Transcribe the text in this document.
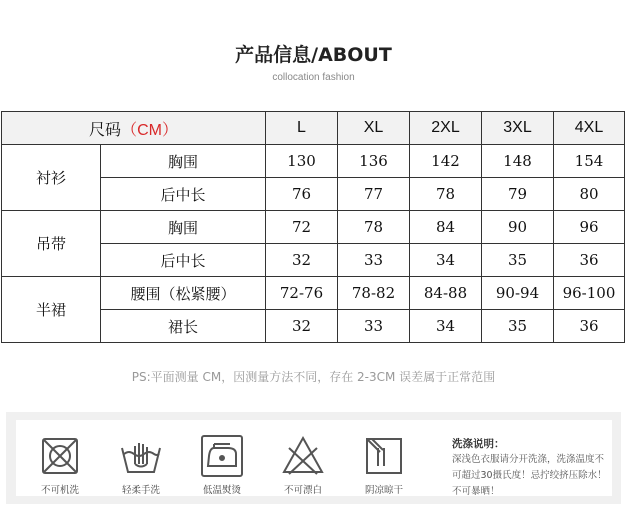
产品信息/ABOUT
collocation fashion
尺码（CM）		L	XL	2XL	3XL	4XL
衬衫	胸围	130	136	142	148	154
	后中长	76	77	78	79	80
吊带	胸围	72	78	84	90	96
	后中长	32	33	34	35	36
半裙	腰围（松紧腰）	72-76	78-82	84-88	90-94	96-100
	裙长	32	33	34	35	36
PS:平面测量 CM，因测量方法不同，存在 2-3CM 误差属于正常范围
不可机洗	轻柔手洗	低温熨烫	不可漂白	阴凉晾干
洗涤说明：
深浅色衣服请分开洗涤，洗涤温度不可超过30摄氏度！忌拧绞挤压除水！不可暴晒！
